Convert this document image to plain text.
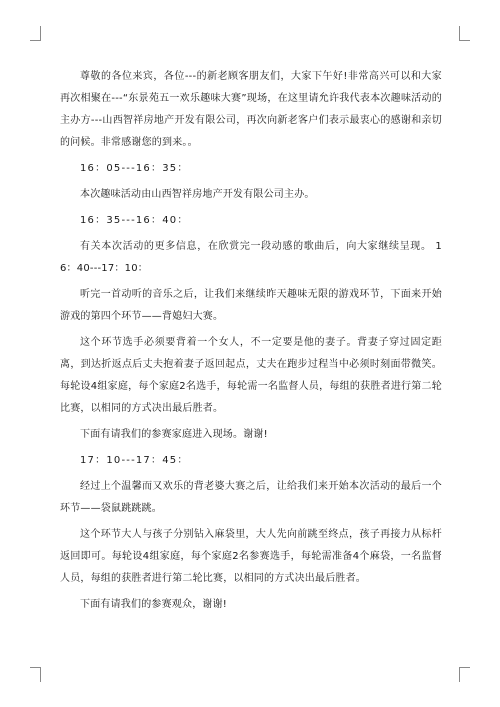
尊敬的各位来宾，各位---的新老顾客朋友们，大家下午好!非常高兴可以和大家再次相聚在---“东景苑五一欢乐趣味大赛”现场，在这里请允许我代表本次趣味活动的主办方---山西智祥房地产开发有限公司，再次向新老客户们表示最衷心的感谢和亲切的问候。非常感谢您的到来。。

16：05---16：35：

本次趣味活动由山西智祥房地产开发有限公司主办。

16：35---16：40：

有关本次活动的更多信息，在欣赏完一段动感的歌曲后，向大家继续呈现。 16：40---17：10：

听完一首动听的音乐之后，让我们来继续昨天趣味无限的游戏环节，下面来开始游戏的第四个环节——背媳妇大赛。

这个环节选手必须要背着一个女人，不一定要是他的妻子。背妻子穿过固定距离，到达折返点后丈夫抱着妻子返回起点，丈夫在跑步过程当中必须时刻面带微笑。每轮设4组家庭，每个家庭2名选手，每轮需一名监督人员，每组的获胜者进行第二轮比赛，以相同的方式决出最后胜者。

下面有请我们的参赛家庭进入现场。谢谢!

17：10---17：45：

经过上个温馨而又欢乐的背老婆大赛之后，让给我们来开始本次活动的最后一个环节——袋鼠跳跳跳。

这个环节大人与孩子分别钻入麻袋里，大人先向前跳至终点，孩子再接力从标杆返回即可。每轮设4组家庭，每个家庭2名参赛选手，每轮需准备4个麻袋，一名监督人员，每组的获胜者进行第二轮比赛，以相同的方式决出最后胜者。

下面有请我们的参赛观众，谢谢!
